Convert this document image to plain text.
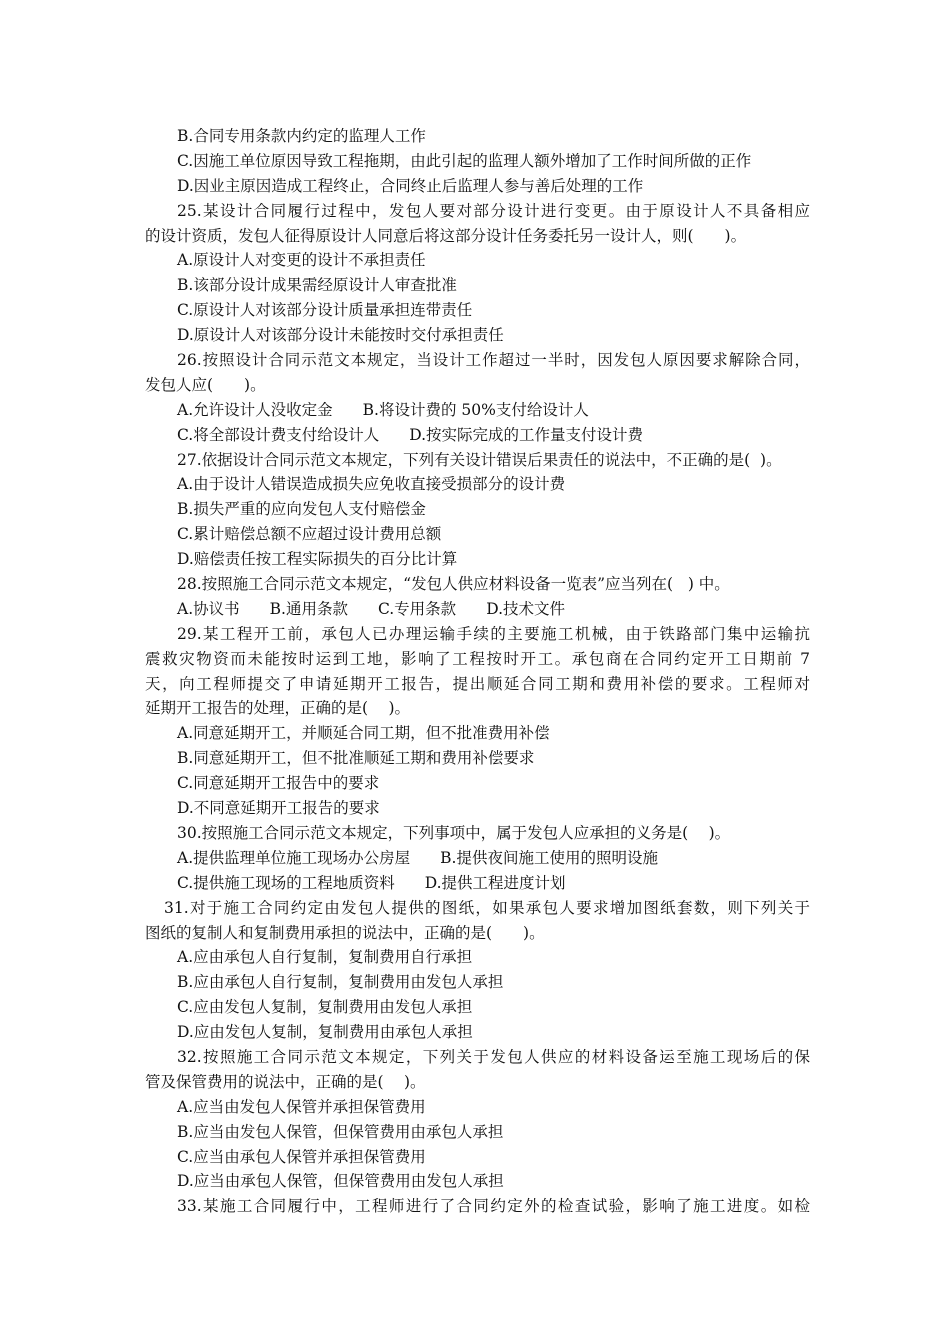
B.合同专用条款内约定的监理人工作
C.因施工单位原因导致工程拖期，由此引起的监理人额外增加了工作时间所做的正作
D.因业主原因造成工程终止，合同终止后监理人参与善后处理的工作
25.某设计合同履行过程中，发包人要对部分设计进行变更。由于原设计人不具备相应
的设计资质，发包人征得原设计人同意后将这部分设计任务委托另一设计人，则(　　)。
A.原设计人对变更的设计不承担责任
B.该部分设计成果需经原设计人审查批准
C.原设计人对该部分设计质量承担连带责任
D.原设计人对该部分设计未能按时交付承担责任
26.按照设计合同示范文本规定，当设计工作超过一半时，因发包人原因要求解除合同，
发包人应(　　)。
A.允许设计人没收定金 B.将设计费的 50%支付给设计人
C.将全部设计费支付给设计人 D.按实际完成的工作量支付设计费
27.依据设计合同示范文本规定，下列有关设计错误后果责任的说法中，不正确的是(  )。
A.由于设计人错误造成损失应免收直接受损部分的设计费
B.损失严重的应向发包人支付赔偿金
C.累计赔偿总额不应超过设计费用总额
D.赔偿责任按工程实际损失的百分比计算
28.按照施工合同示范文本规定，“发包人供应材料设备一览表”应当列在(   ) 中。
A.协议书 B.通用条款 C.专用条款 D.技术文件
29.某工程开工前，承包人已办理运输手续的主要施工机械，由于铁路部门集中运输抗
震救灾物资而未能按时运到工地，影响了工程按时开工。承包商在合同约定开工日期前 7
天，向工程师提交了申请延期开工报告，提出顺延合同工期和费用补偿的要求。工程师对
延期开工报告的处理，正确的是(　 )。
A.同意延期开工，并顺延合同工期，但不批准费用补偿
B.同意延期开工，但不批准顺延工期和费用补偿要求
C.同意延期开工报告中的要求
D.不同意延期开工报告的要求
30.按照施工合同示范文本规定，下列事项中，属于发包人应承担的义务是(　 )。
A.提供监理单位施工现场办公房屋 B.提供夜间施工使用的照明设施
C.提供施工现场的工程地质资料 D.提供工程进度计划
31.对于施工合同约定由发包人提供的图纸，如果承包人要求增加图纸套数，则下列关于
图纸的复制人和复制费用承担的说法中，正确的是(　　)。
A.应由承包人自行复制，复制费用自行承担
B.应由承包人自行复制，复制费用由发包人承担
C.应由发包人复制，复制费用由发包人承担
D.应由发包人复制，复制费用由承包人承担
32.按照施工合同示范文本规定，下列关于发包人供应的材料设备运至施工现场后的保
管及保管费用的说法中，正确的是(　 )。
A.应当由发包人保管并承担保管费用
B.应当由发包人保管，但保管费用由承包人承担
C.应当由承包人保管并承担保管费用
D.应当由承包人保管，但保管费用由发包人承担
33.某施工合同履行中，工程师进行了合同约定外的检查试验，影响了施工进度。如检
